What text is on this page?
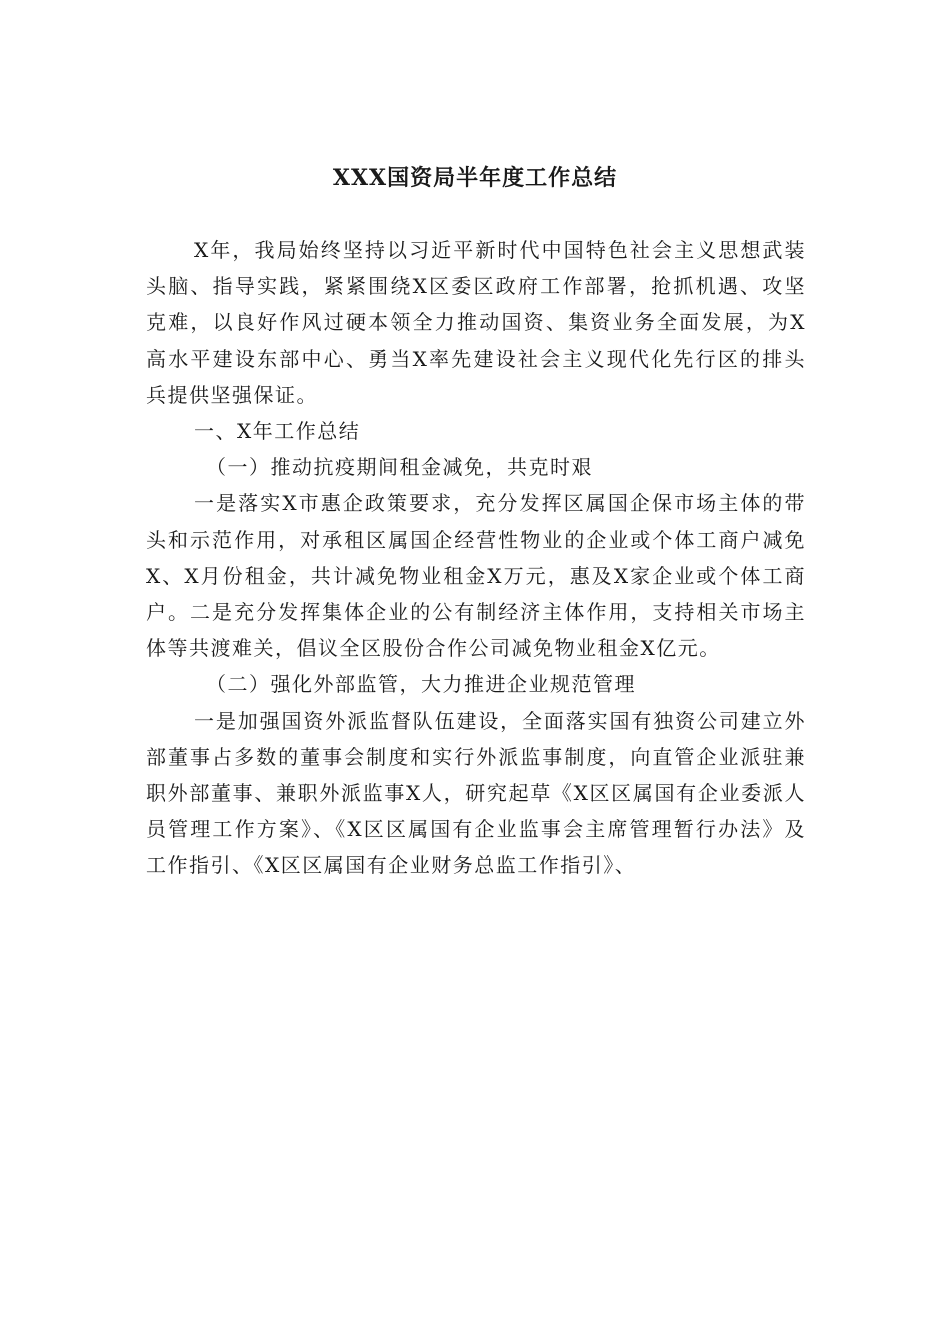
XXX国资局半年度工作总结

X年，我局始终坚持以习近平新时代中国特色社会主义思想武装头脑、指导实践，紧紧围绕X区委区政府工作部署，抢抓机遇、攻坚克难，以良好作风过硬本领全力推动国资、集资业务全面发展，为X高水平建设东部中心、勇当X率先建设社会主义现代化先行区的排头兵提供坚强保证。

一、X年工作总结

（一）推动抗疫期间租金减免，共克时艰

一是落实X市惠企政策要求，充分发挥区属国企保市场主体的带头和示范作用，对承租区属国企经营性物业的企业或个体工商户减免X、X月份租金，共计减免物业租金X万元，惠及X家企业或个体工商户。二是充分发挥集体企业的公有制经济主体作用，支持相关市场主体等共渡难关，倡议全区股份合作公司减免物业租金X亿元。

（二）强化外部监管，大力推进企业规范管理

一是加强国资外派监督队伍建设，全面落实国有独资公司建立外部董事占多数的董事会制度和实行外派监事制度，向直管企业派驻兼职外部董事、兼职外派监事X人，研究起草《X区区属国有企业委派人员管理工作方案》、《X区区属国有企业监事会主席管理暂行办法》及工作指引、《X区区属国有企业财务总监工作指引》、
